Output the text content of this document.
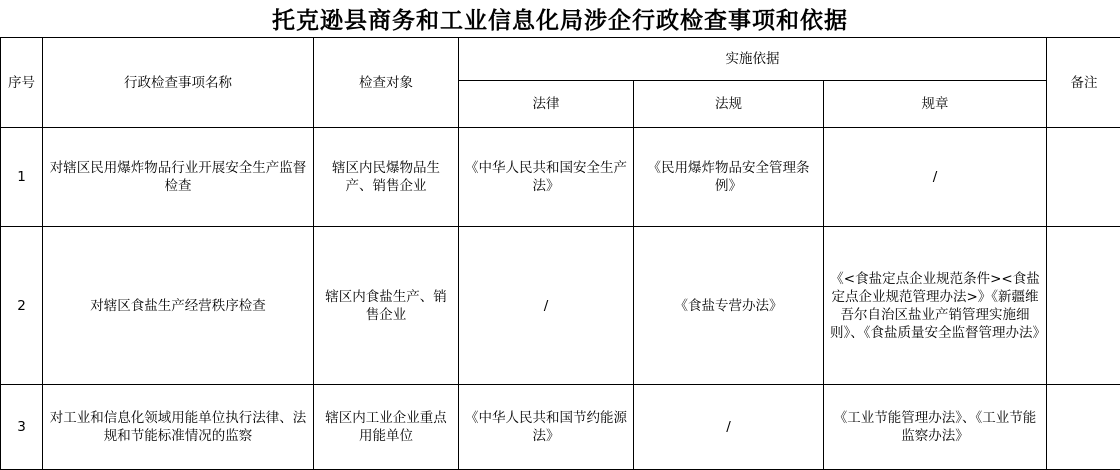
托克逊县商务和工业信息化局涉企行政检查事项和依据
序号	行政检查事项名称	检查对象	实施依据			备注
			法律	法规	规章	
1	对辖区民用爆炸物品行业开展安全生产监督检查	辖区内民爆物品生产、销售企业	《中华人民共和国安全生产法》	《民用爆炸物品安全管理条例》	/	
2	对辖区食盐生产经营秩序检查	辖区内食盐生产、销售企业	/	《食盐专营办法》	《<食盐定点企业规范条件><食盐定点企业规范管理办法>》《新疆维吾尔自治区盐业产销管理实施细则》、《食盐质量安全监督管理办法》	
3	对工业和信息化领域用能单位执行法律、法规和节能标准情况的监察	辖区内工业企业重点用能单位	《中华人民共和国节约能源法》	/	《工业节能管理办法》、《工业节能监察办法》	
